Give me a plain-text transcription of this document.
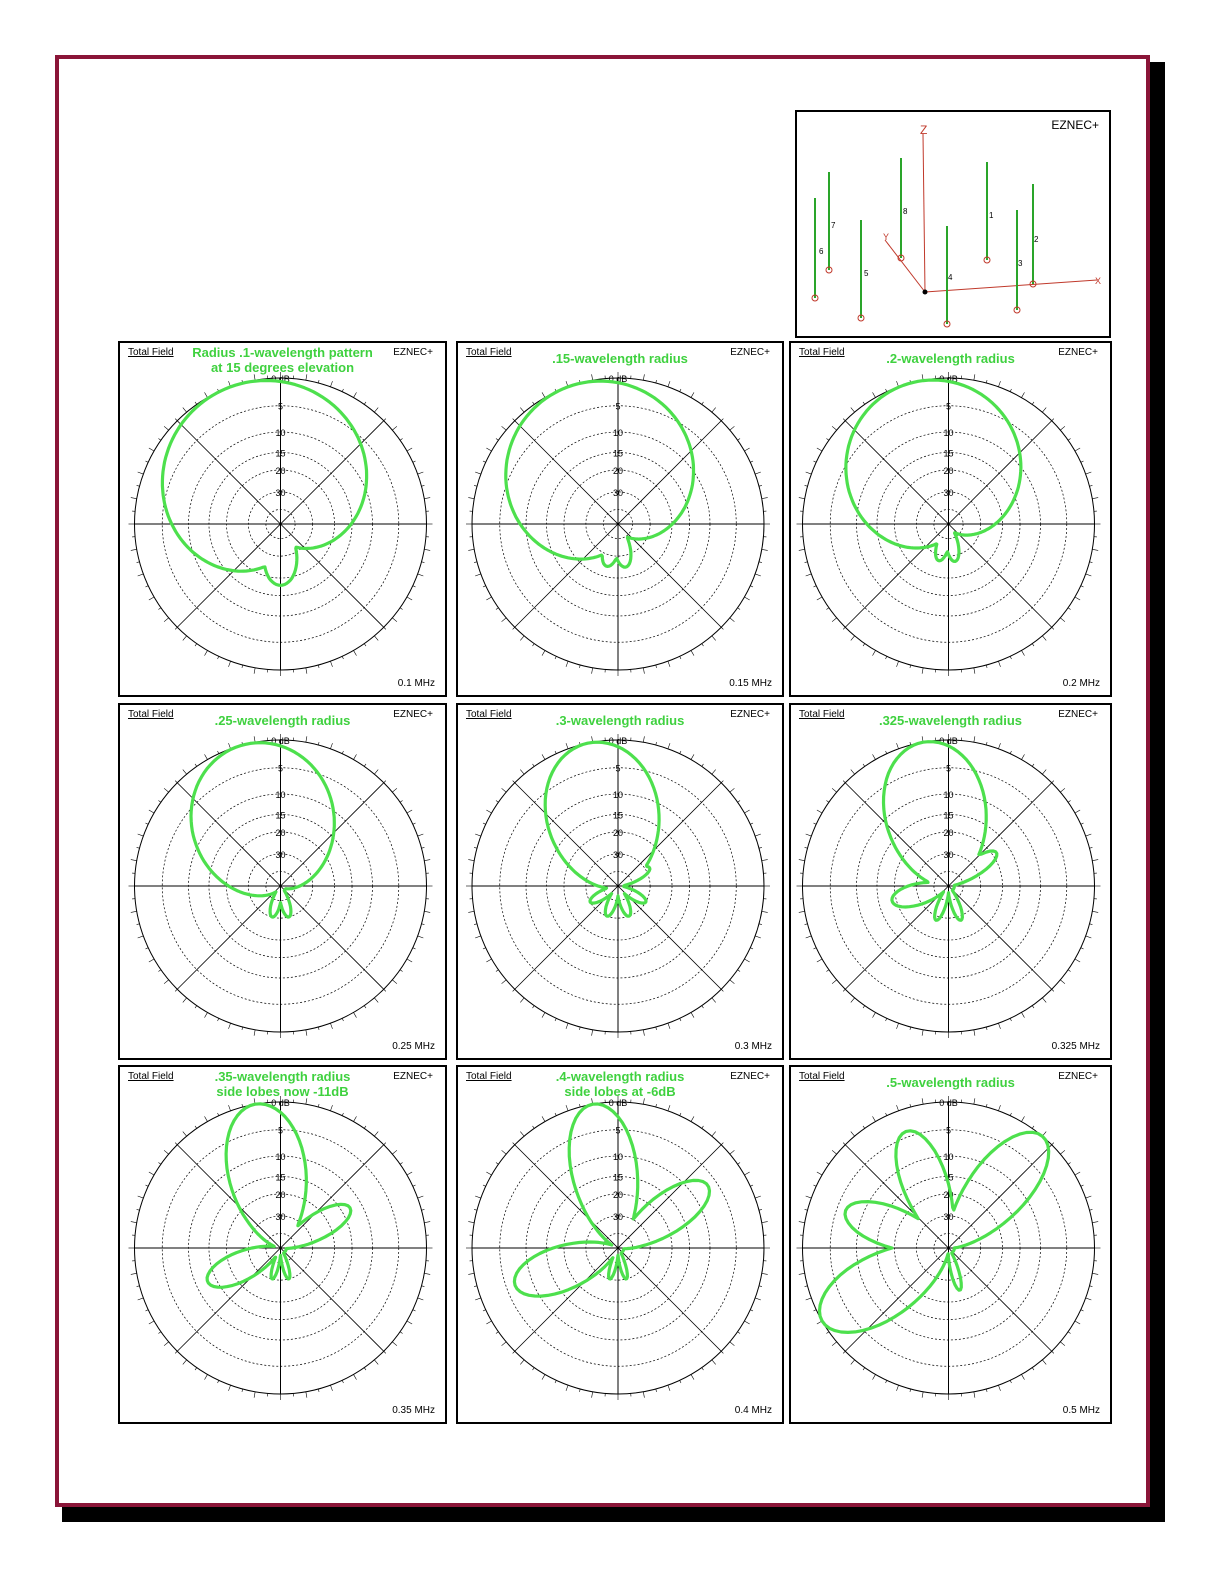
EZNEC+
Z
Y
X
1
2
3
4
5
6
7
8
0 dB
5
10
15
20
30
Total Field	EZNEC+
0.1 MHz
Radius .1-wavelength pattern
at 15 degrees elevation
0 dB
5
10
15
20
30
Total Field	EZNEC+
0.15 MHz
.15-wavelength radius
0 dB
5
10
15
20
30
Total Field	EZNEC+
0.2 MHz
.2-wavelength radius
0 dB
5
10
15
20
30
Total Field	EZNEC+
0.25 MHz
.25-wavelength radius
0 dB
5
10
15
20
30
Total Field	EZNEC+
0.3 MHz
.3-wavelength radius
0 dB
5
10
15
20
30
Total Field	EZNEC+
0.325 MHz
.325-wavelength radius
0 dB
5
10
15
20
30
Total Field	EZNEC+
0.35 MHz
.35-wavelength radius
side lobes now -11dB
0 dB
5
10
15
20
30
Total Field	EZNEC+
0.4 MHz
.4-wavelength radius
side lobes at -6dB
0 dB
5
10
15
20
30
Total Field	EZNEC+
0.5 MHz
.5-wavelength radius
